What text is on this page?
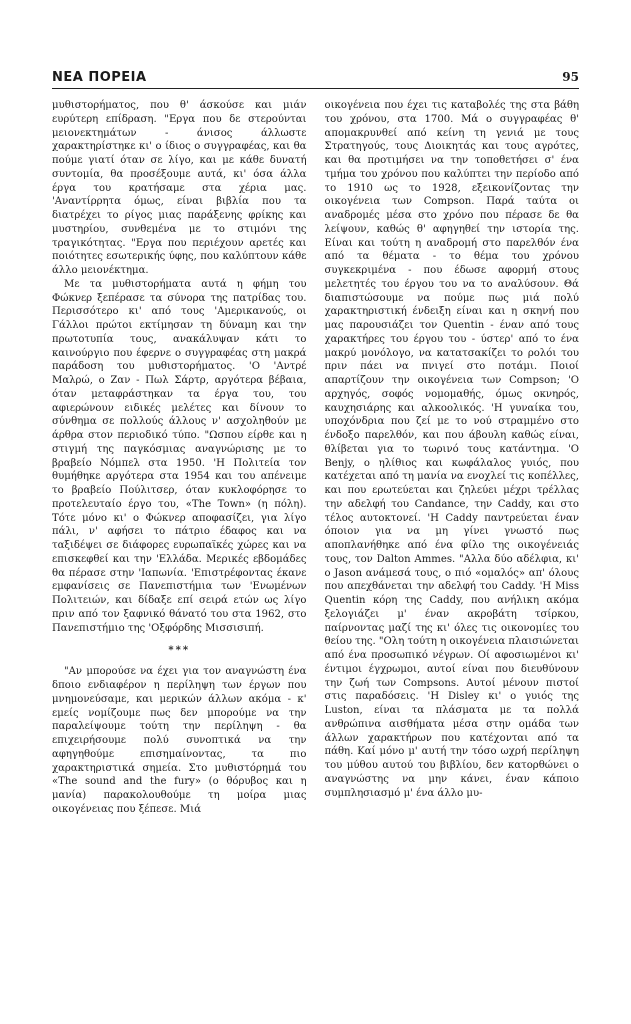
ΝΕΑ ΠΟΡΕΙΑ	95

μυθιστορήματος, που θ' άσκούσε και μιάν ευρύτερη επίδραση. "Εργα που δε στερούνται μειονεκτημάτων - άνισος άλλωστε χαρακτηρίστηκε κι' ο ίδιος ο συγγραφέας, και θα πούμε γιατί όταν σε λίγο, και με κάθε δυνατή συντομία, θα προσέξουμε αυτά, κι' όσα άλλα έργα του κρατήσαμε στα χέρια μας. 'Αναντίρρητα όμως, είναι βιβλία που τα διατρέχει το ρίγος μιας παράξενης φρίκης και μυστηρίου, συνθεμένα με το στιμόνι της τραγικότητας. "Εργα που περιέχουν αρετές και ποιότητες εσωτερικής ύφης, που καλύπτουν κάθε άλλο μειονέκτημα.

Με τα μυθιστορήματα αυτά η φήμη του Φώκνερ ξεπέρασε τα σύνορα της πατρίδας του. Περισσότερο κι' από τους 'Αμερικανούς, οι Γάλλοι πρώτοι εκτίμησαν τη δύναμη και την πρωτοτυπία τους, ανακάλυψαν κάτι το καινούργιο που έφερνε ο συγγραφέας στη μακρά παράδοση του μυθιστορήματος. 'Ο 'Αντρέ Μαλρώ, ο Ζαν - Πωλ Σάρτρ, αργότερα βέβαια, όταν μεταφράστηκαν τα έργα του, του αφιερώνουν ειδικές μελέτες και δίνουν το σύνθημα σε πολλούς άλλους ν' ασχοληθούν με άρθρα στον περιοδικό τύπο. "Ωσπου είρθε και η στιγμή της παγκόσμιας αναγνώρισης με το βραβείο Νόμπελ στα 1950. 'Η Πολιτεία τον θυμήθηκε αργότερα στα 1954 και του απένειμε το βραβείο Πούλιτσερ, όταν κυκλοφόρησε το προτελευταίο έργο του, «The Town» (η πόλη). Τότε μόνο κι' ο Φώκνερ αποφασίζει, για λίγο πάλι, ν' αφήσει το πάτριο έδαφος και να ταξιδέψει σε διάφορες ευρωπαϊκές χώρες και να επισκεφθεί και την 'Ελλάδα. Μερικές εβδομάδες θα πέρασε στην 'Ιαπωνία. 'Επιστρέφοντας έκανε εμφανίσεις σε Πανεπιστήμια των 'Ενωμένων Πολιτειών, και δίδαξε επί σειρά ετών ως λίγο πριν από τον ξαφνικό θάνατό του στα 1962, στο Πανεπιστήμιο της 'Οξφόρδης Μισσισιπή.

***

"Αν μπορούσε να έχει για τον αναγνώστη ένα δποιο ενδιαφέρον η περίληψη των έργων που μνημονεύσαμε, και μερικών άλλων ακόμα - κ' εμείς νομίζουμε πως δεν μπορούμε να την παραλείψουμε τούτη την περίληψη - θα επιχειρήσουμε πολύ συνοπτικά να την αφηγηθούμε επισημαίνοντας, τα πιο χαρακτηριστικά σημεία. Στο μυθιστόρημά του «The sound and the fury» (ο θόρυβος και η μανία) παρακολουθούμε τη μοίρα μιας οικογένειας που ξέπεσε. Μιά

οικογένεια που έχει τις καταβολές της στα βάθη του χρόνου, στα 1700. Μά ο συγγραφέας θ' απομακρυνθεί από κείνη τη γενιά με τους Στρατηγούς, τους Διοικητάς και τους αγρότες, και θα προτιμήσει να την τοποθετήσει σ' ένα τμήμα του χρόνου που καλύπτει την περίοδο από το 1910 ως το 1928, εξεικονίζοντας την οικογένεια των Compson. Παρά ταύτα οι αναδρομές μέσα στο χρόνο που πέρασε δε θα λείψουν, καθώς θ' αφηγηθεί την ιστορία της. Είναι και τούτη η αναδρομή στο παρελθόν ένα από τα θέματα - το θέμα του χρόνου συγκεκριμένα - που έδωσε αφορμή στους μελετητές του έργου του να το αναλύσουν. Θά διαπιστώσουμε να πούμε πως μιά πολύ χαρακτηριστική ένδειξη είναι και η σκηνή που μας παρουσιάζει τον Quentin - έναν από τους χαρακτήρες του έργου του - ύστερ' από το ένα μακρύ μονόλογο, να κατατσακίζει το ρολόι του πριν πάει να πνιγεί στο ποτάμι. Ποιοί απαρτίζουν την οικογένεια των Compson; 'Ο αρχηγός, σοφός νομομαθής, όμως οκνηρός, καυχησιάρης και αλκοολικός. 'Η γυναίκα του, υποχόνδρια που ζεί με το νού στραμμένο στο ένδοξο παρελθόν, και που άβουλη καθώς είναι, θλίβεται για το τωρινό τους κατάντημα. 'Ο Benjy, ο ηλίθιος και κωφάλαλος γυιός, που κατέχεται από τη μανία να ενοχλεί τις κοπέλλες, και που ερωτεύεται και ζηλεύει μέχρι τρέλλας την αδελφή του Candance, την Caddy, και στο τέλος αυτοκτονεί. 'Η Caddy παντρεύεται έναν όποιον για να μη γίνει γνωστό πως αποπλανήθηκε από ένα φίλο της οικογένειάς τους, τον Dalton Ammes. "Αλλα δύο αδέλφια, κι' ο Jason ανάμεσά τους, ο πιό «ομαλός» απ' όλους που απεχθάνεται την αδελφή του Caddy. 'Η Miss Quentin κόρη της Caddy, που ανήλικη ακόμα ξελογιάζει μ' έναν ακροβάτη τσίρκου, παίρνοντας μαζί της κι' όλες τις οικονομίες του θείου της. "Ολη τούτη η οικογένεια πλαισιώνεται από ένα προσωπικό νέγρων. Οί αφοσιωμένοι κι' έντιμοι έγχρωμοι, αυτοί είναι που διευθύνουν την ζωή των Compsons. Αυτοί μένουν πιστοί στις παραδόσεις. 'Η Disley κι' ο γυιός της Luston, είναι τα πλάσματα με τα πολλά ανθρώπινα αισθήματα μέσα στην ομάδα των άλλων χαρακτήρων που κατέχονται από τα πάθη. Καί μόνο μ' αυτή την τόσο ωχρή περίληψη του μύθου αυτού του βιβλίου, δεν κατορθώνει ο αναγνώστης να μην κάνει, έναν κάποιο συμπλησιασμό μ' ένα άλλο μυ-
